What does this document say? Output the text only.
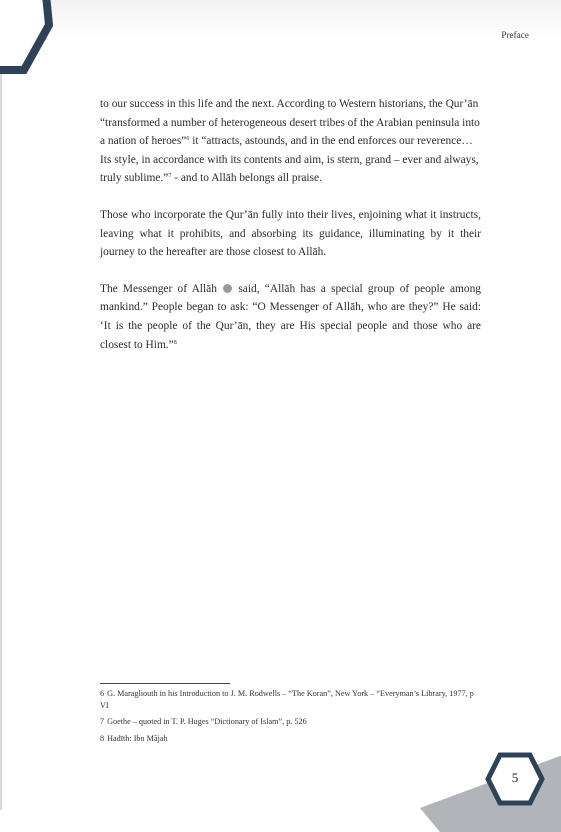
Preface

to our success in this life and the next. According to Western historians, the Qur’ān “transformed a number of heterogeneous desert tribes of the Arabian peninsula into a nation of heroes”$^6$ it “attracts, astounds, and in the end enforces our reverence… Its style, in accordance with its contents and aim, is stern, grand – ever and always, truly sublime.”$^7$ - and to Allāh belongs all praise.

Those who incorporate the Qur’ān fully into their lives, enjoining what it instructs, leaving what it prohibits, and absorbing its guidance, illuminating by it their journey to the hereafter are those closest to Allāh.

The Messenger of Allāh  said, “Allāh has a special group of people among mankind.” People began to ask: “O Messenger of Allāh, who are they?” He said: ‘It is the people of the Qur’ān, they are His special people and those who are closest to Him.”$^8$

6 G. Maragliouth in his Introduction to J. M. Rodwells – “The Koran”, New York – “Everyman’s Library, 1977, p VI
7 Goethe – quoted in T. P. Huges “Dictionary of Islam”, p. 526
8 Hadīth: Ibn Mājah
5
